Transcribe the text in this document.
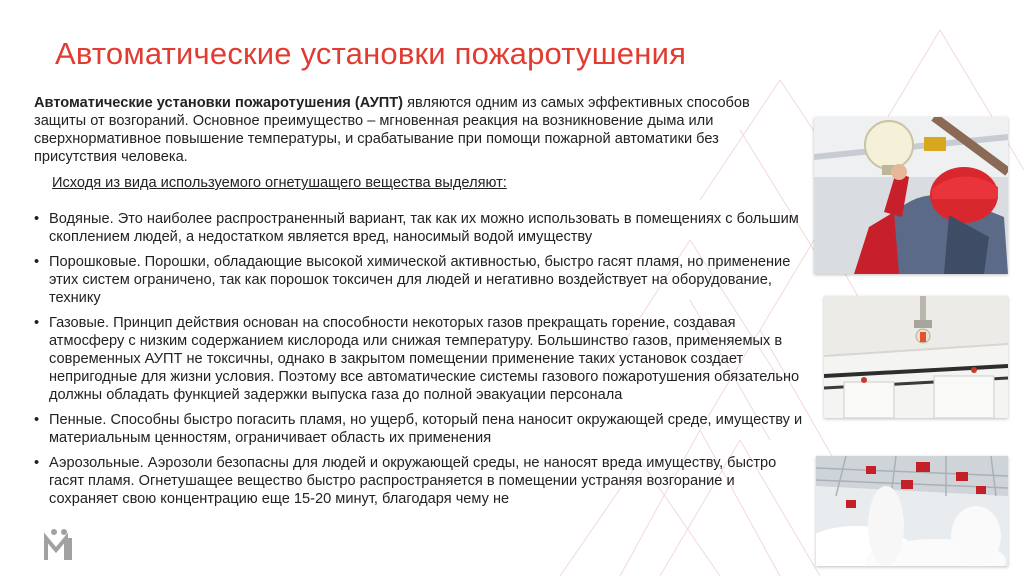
Автоматические установки пожаротушения

Автоматические установки пожаротушения (АУПТ) являются одним из самых эффективных способов защиты от возгораний. Основное преимущество – мгновенная реакция на возникновение дыма или сверхнормативное повышение температуры, и срабатывание при помощи пожарной автоматики без присутствия человека.

Исходя из вида используемого огнетушащего вещества выделяют:

• Водяные. Это наиболее распространенный вариант, так как их можно использовать в помещениях с большим скоплением людей, а недостатком является вред, наносимый водой имуществу
• Порошковые. Порошки, обладающие высокой химической активностью, быстро гасят пламя, но применение этих систем ограничено, так как порошок токсичен для людей и негативно воздействует на оборудование, технику
• Газовые. Принцип действия основан на способности некоторых газов прекращать горение, создавая атмосферу с низким содержанием кислорода или снижая температуру. Большинство газов, применяемых в современных АУПТ не токсичны, однако в закрытом помещении применение таких установок создает непригодные для жизни условия. Поэтому все автоматические системы газового пожаротушения обязательно должны обладать функцией задержки выпуска газа до полной эвакуации персонала
• Пенные. Способны быстро погасить пламя, но ущерб, который пена наносит окружающей среде, имуществу и материальным ценностям, ограничивает область их применения
• Аэрозольные. Аэрозоли безопасны для людей и окружающей среды, не наносят вреда имуществу, быстро гасят пламя. Огнетушащее вещество быстро распространяется в помещении устраняя возгорание и сохраняет свою концентрацию еще 15-20 минут, благодаря чему не
